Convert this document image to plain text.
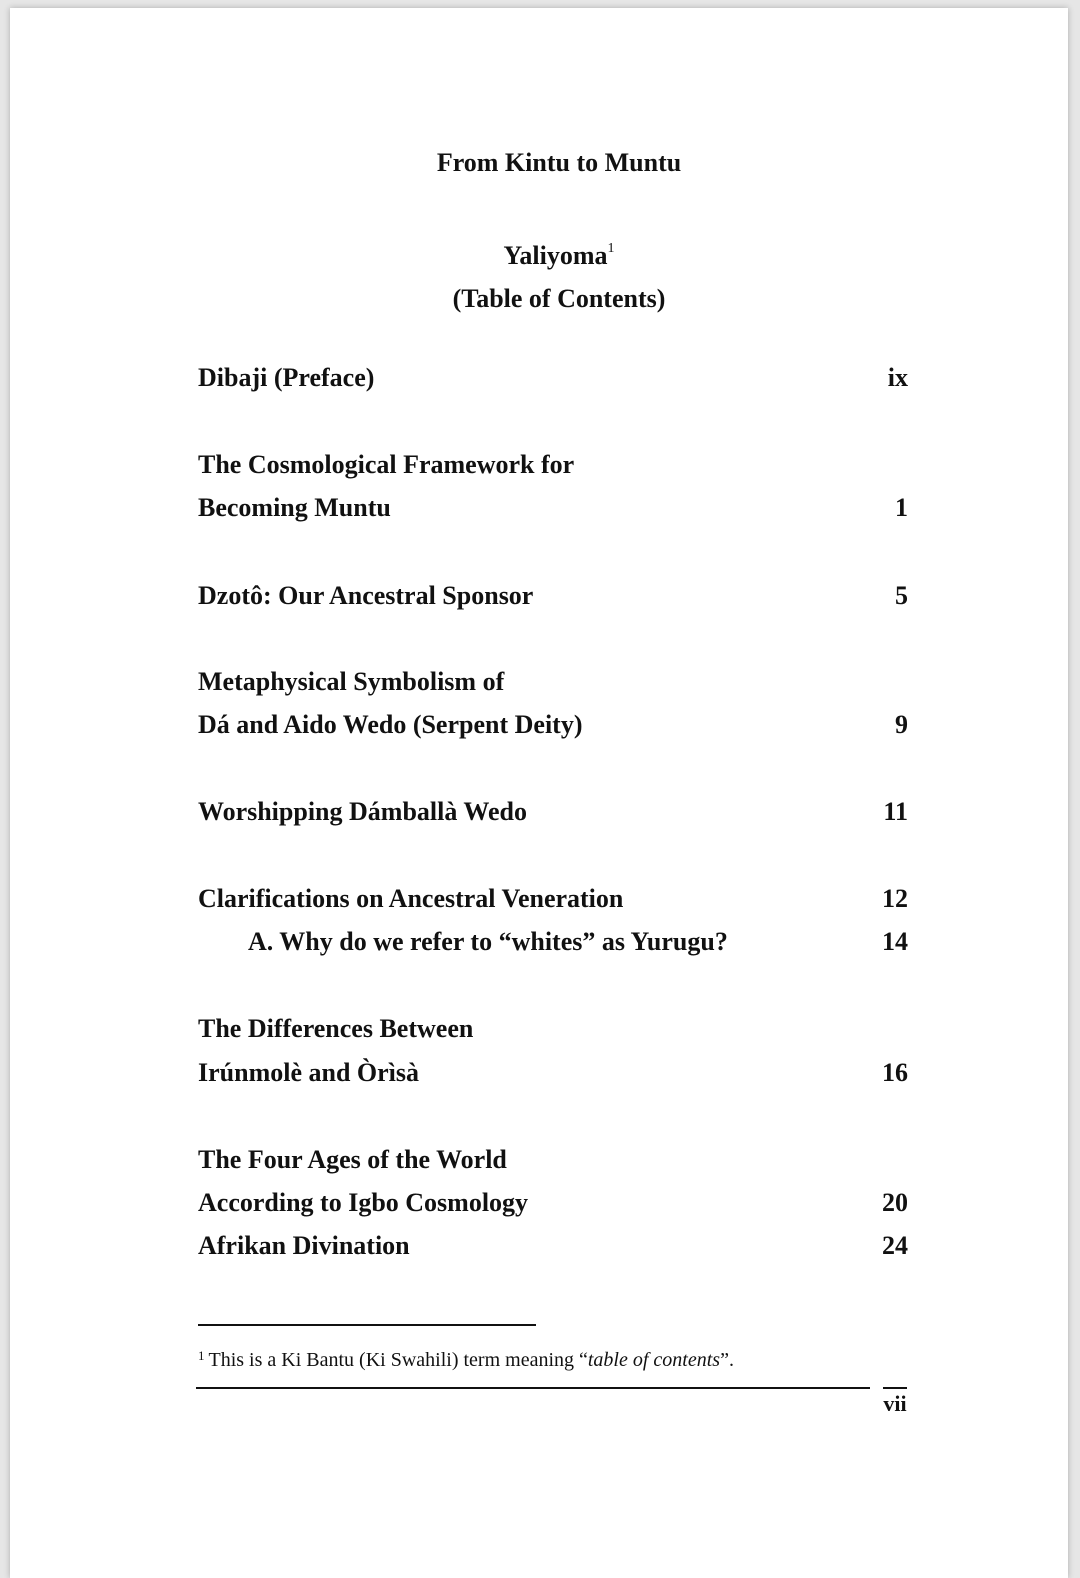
From Kintu to Muntu
Yaliyoma$^1$
(Table of Contents)
Dibaji (Preface)	ix
The Cosmological Framework for
Becoming Muntu	1
Dzotô: Our Ancestral Sponsor	5
Metaphysical Symbolism of
Dá and Aido Wedo (Serpent Deity)	9
Worshipping Dámballà Wedo	11
Clarifications on Ancestral Veneration	12
A. Why do we refer to “whites” as Yurugu?	14
The Differences Between
Irúnmolè and Òrìsà	16
The Four Ages of the World
According to Igbo Cosmology	20
Afrikan Divination	24
$^1$ This is a Ki Bantu (Ki Swahili) term meaning “table of contents”.
vii
